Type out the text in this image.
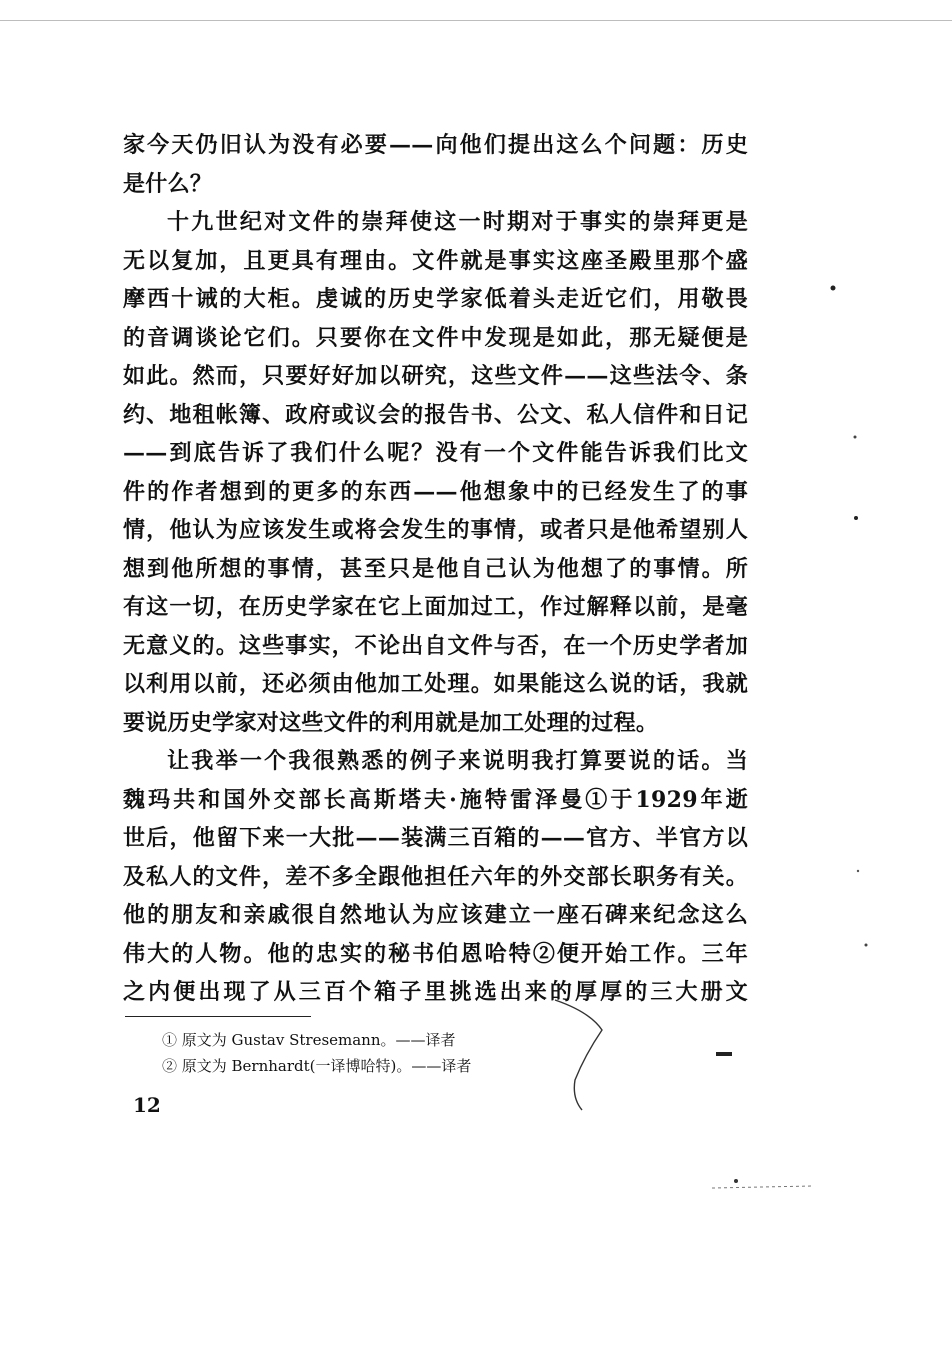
家今天仍旧认为没有必要——向他们提出这么个问题：历史
是什么？
十九世纪对文件的崇拜使这一时期对于事实的崇拜更是
无以复加，且更具有理由。文件就是事实这座圣殿里那个盛
摩西十诫的大柜。虔诚的历史学家低着头走近它们，用敬畏
的音调谈论它们。只要你在文件中发现是如此，那无疑便是
如此。然而，只要好好加以研究，这些文件——这些法令、条
约、地租帐簿、政府或议会的报告书、公文、私人信件和日记
——到底告诉了我们什么呢？没有一个文件能告诉我们比文
件的作者想到的更多的东西——他想象中的已经发生了的事
情，他认为应该发生或将会发生的事情，或者只是他希望别人
想到他所想的事情，甚至只是他自己认为他想了的事情。所
有这一切，在历史学家在它上面加过工，作过解释以前，是毫
无意义的。这些事实，不论出自文件与否，在一个历史学者加
以利用以前，还必须由他加工处理。如果能这么说的话，我就
要说历史学家对这些文件的利用就是加工处理的过程。
让我举一个我很熟悉的例子来说明我打算要说的话。当
魏玛共和国外交部长高斯塔夫·施特雷泽曼①于1929年逝
世后，他留下来一大批——装满三百箱的——官方、半官方以
及私人的文件，差不多全跟他担任六年的外交部长职务有关。
他的朋友和亲戚很自然地认为应该建立一座石碑来纪念这么
伟大的人物。他的忠实的秘书伯恩哈特②便开始工作。三年
之内便出现了从三百个箱子里挑选出来的厚厚的三大册文
① 原文为 Gustav Stresemann。——译者
② 原文为 Bernhardt(一译博哈特)。——译者
12
